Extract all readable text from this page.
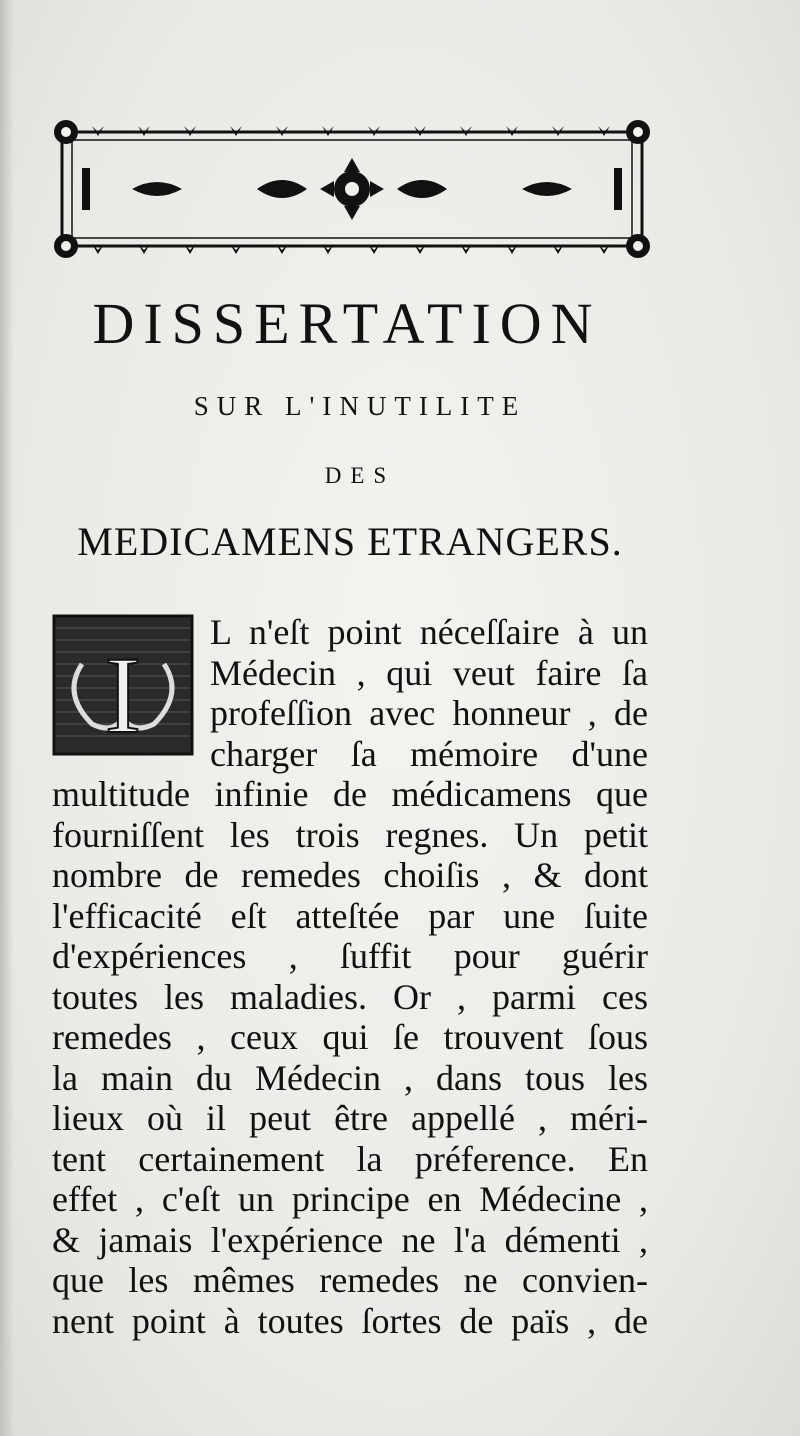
DISSERTATION
SUR L'INUTILITE
DES
MEDICAMENS ETRANGERS.
I
L n'eſt point néceſſaire à un
Médecin , qui veut faire ſa
profeſſion avec honneur , de
charger ſa mémoire d'une
multitude infinie de médicamens que
fourniſſent les trois regnes. Un petit
nombre de remedes choiſis , & dont
l'efficacité eſt atteſtée par une ſuite
d'expériences , ſuffit pour guérir
toutes les maladies. Or , parmi ces
remedes , ceux qui ſe trouvent ſous
la main du Médecin , dans tous les
lieux où il peut être appellé , méri-
tent certainement la préference. En
effet , c'eſt un principe en Médecine ,
& jamais l'expérience ne l'a démenti ,
que les mêmes remedes ne convien-
nent point à toutes ſortes de païs , de
